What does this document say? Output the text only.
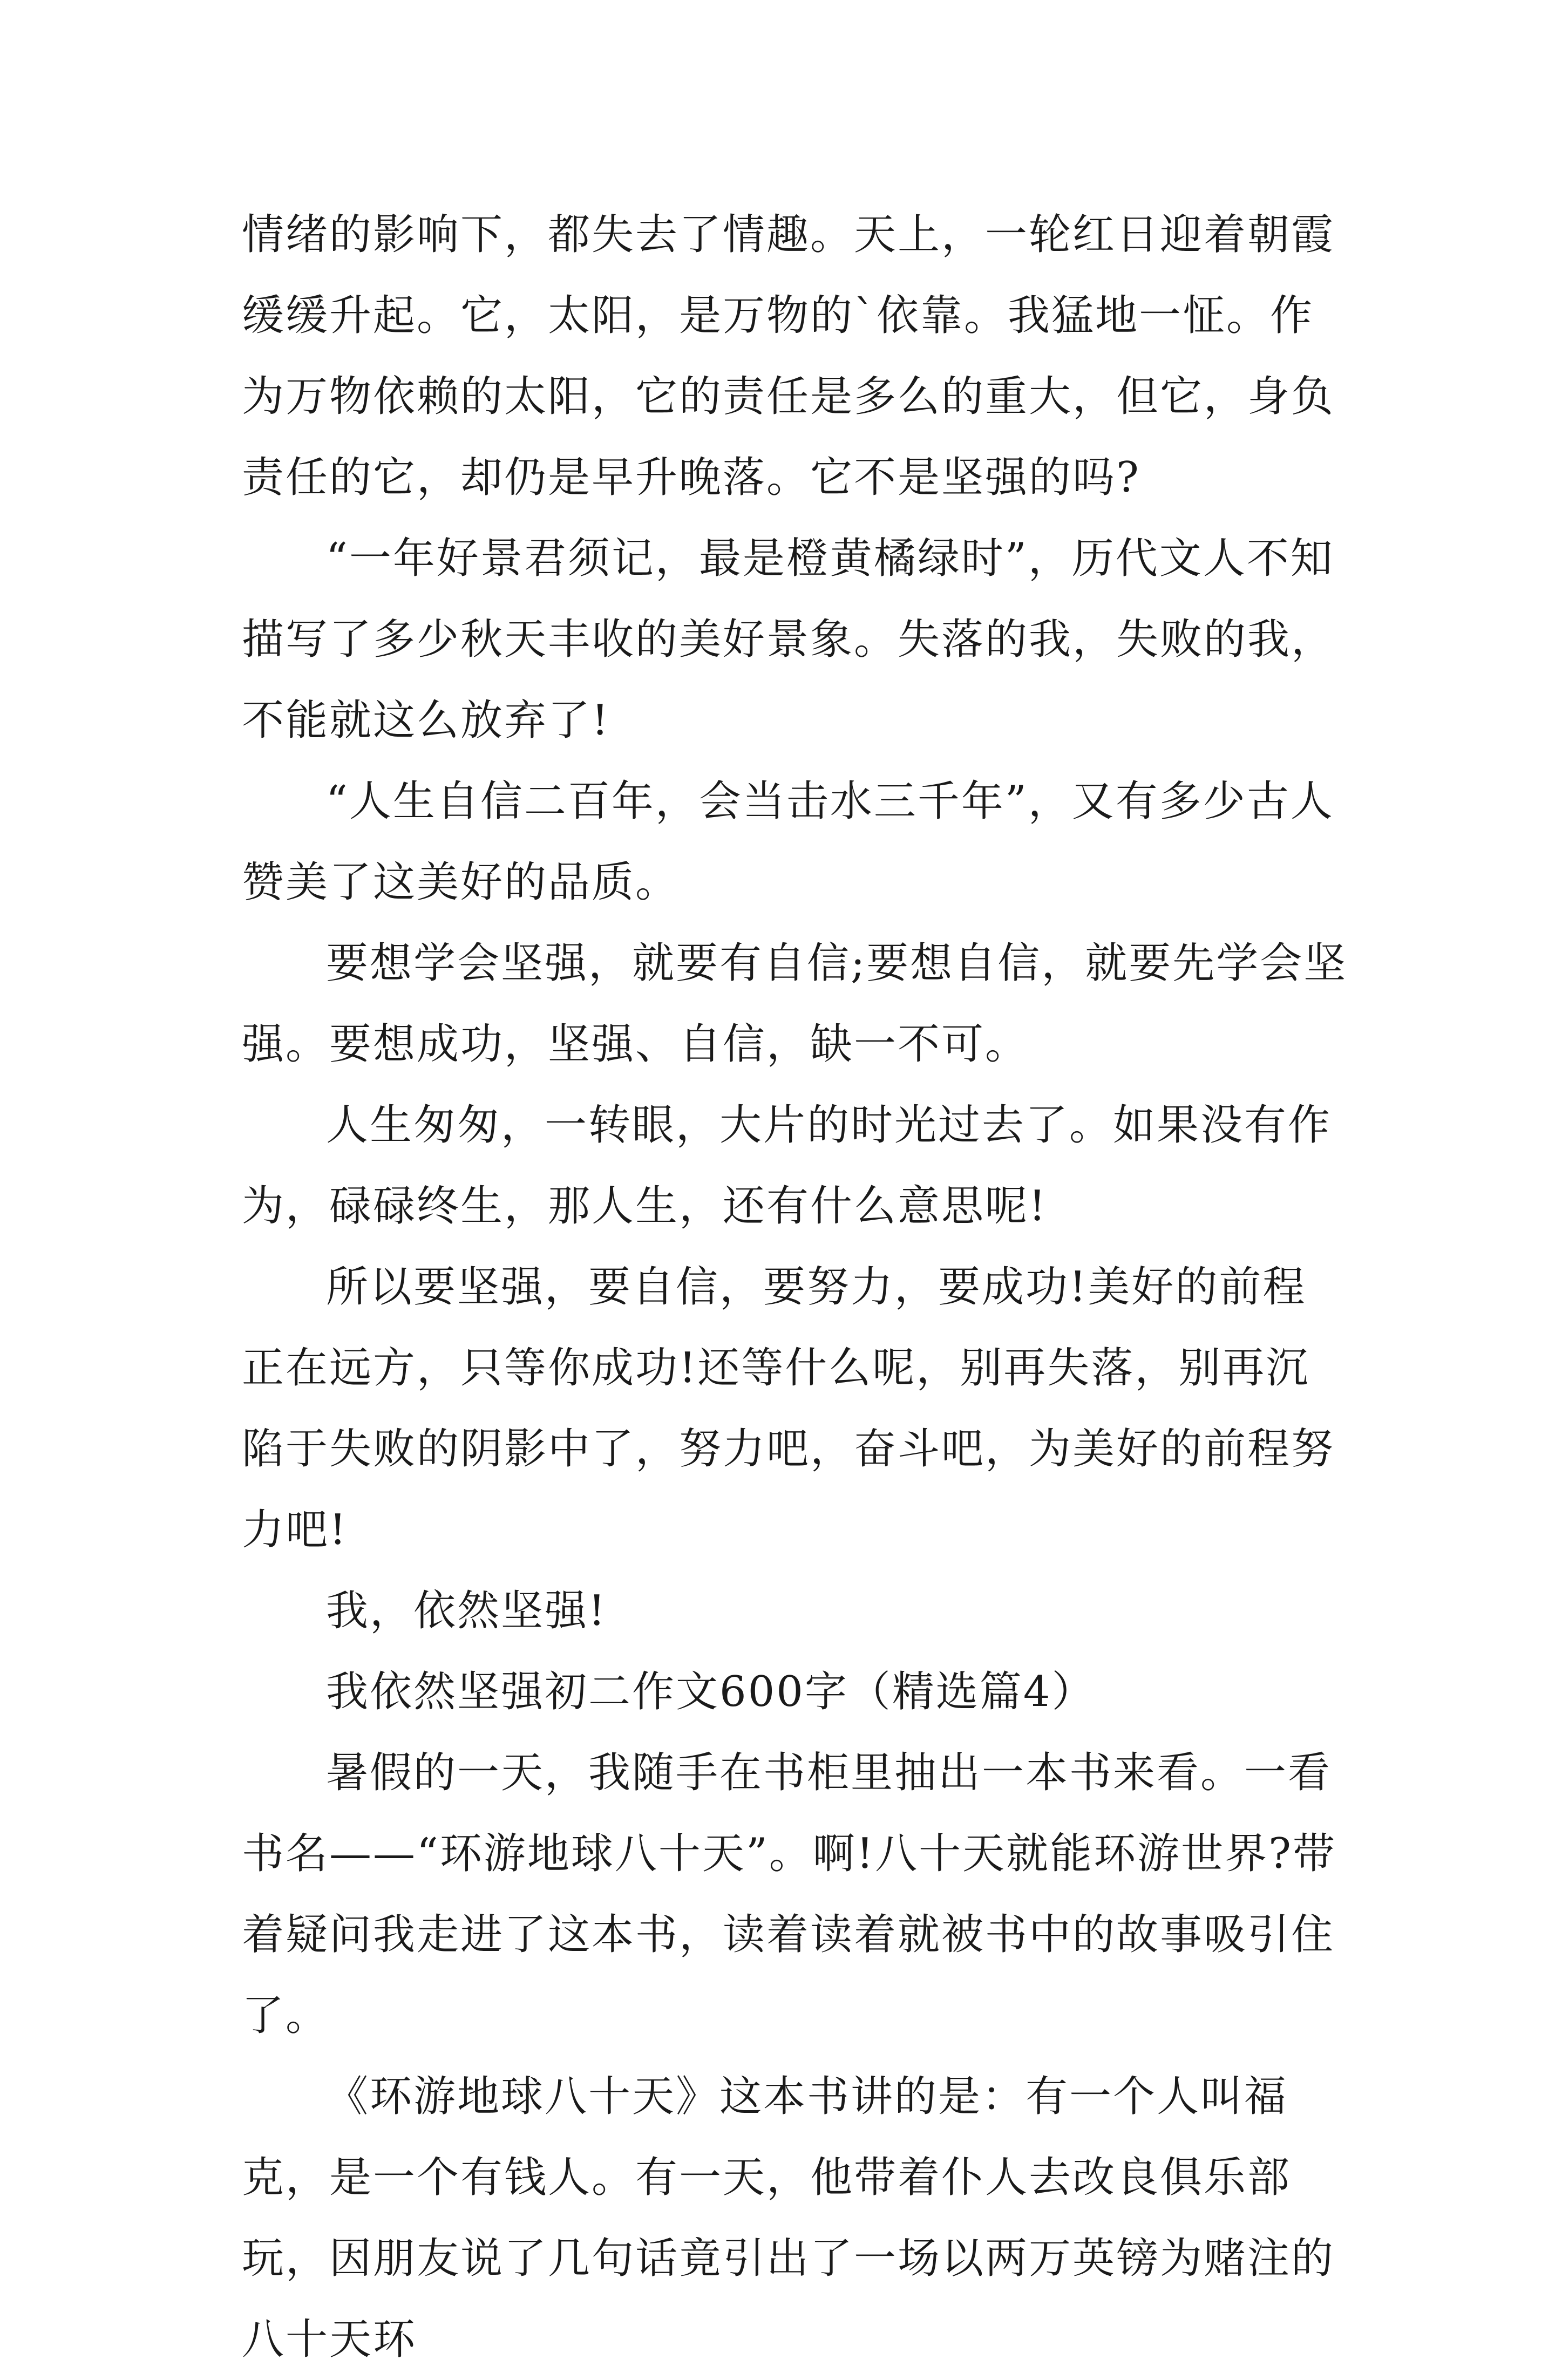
情绪的影响下，都失去了情趣。天上，一轮红日迎着朝霞缓缓升起。它，太阳，是万物的`依靠。我猛地一怔。作为万物依赖的太阳，它的责任是多么的重大，但它，身负责任的它，却仍是早升晚落。它不是坚强的吗?

“一年好景君须记，最是橙黄橘绿时”，历代文人不知描写了多少秋天丰收的美好景象。失落的我，失败的我，不能就这么放弃了!

“人生自信二百年，会当击水三千年”，又有多少古人赞美了这美好的品质。

要想学会坚强，就要有自信;要想自信，就要先学会坚强。要想成功，坚强、自信，缺一不可。

人生匆匆，一转眼，大片的时光过去了。如果没有作为，碌碌终生，那人生，还有什么意思呢!

所以要坚强，要自信，要努力，要成功!美好的前程正在远方，只等你成功!还等什么呢，别再失落，别再沉陷于失败的阴影中了，努力吧，奋斗吧，为美好的前程努力吧!

我，依然坚强!

我依然坚强初二作文600字（精选篇4）

暑假的一天，我随手在书柜里抽出一本书来看。一看书名——“环游地球八十天”。啊!八十天就能环游世界?带着疑问我走进了这本书，读着读着就被书中的故事吸引住了。

《环游地球八十天》这本书讲的是：有一个人叫福克，是一个有钱人。有一天，他带着仆人去改良俱乐部玩，因朋友说了几句话竟引出了一场以两万英镑为赌注的八十天环
